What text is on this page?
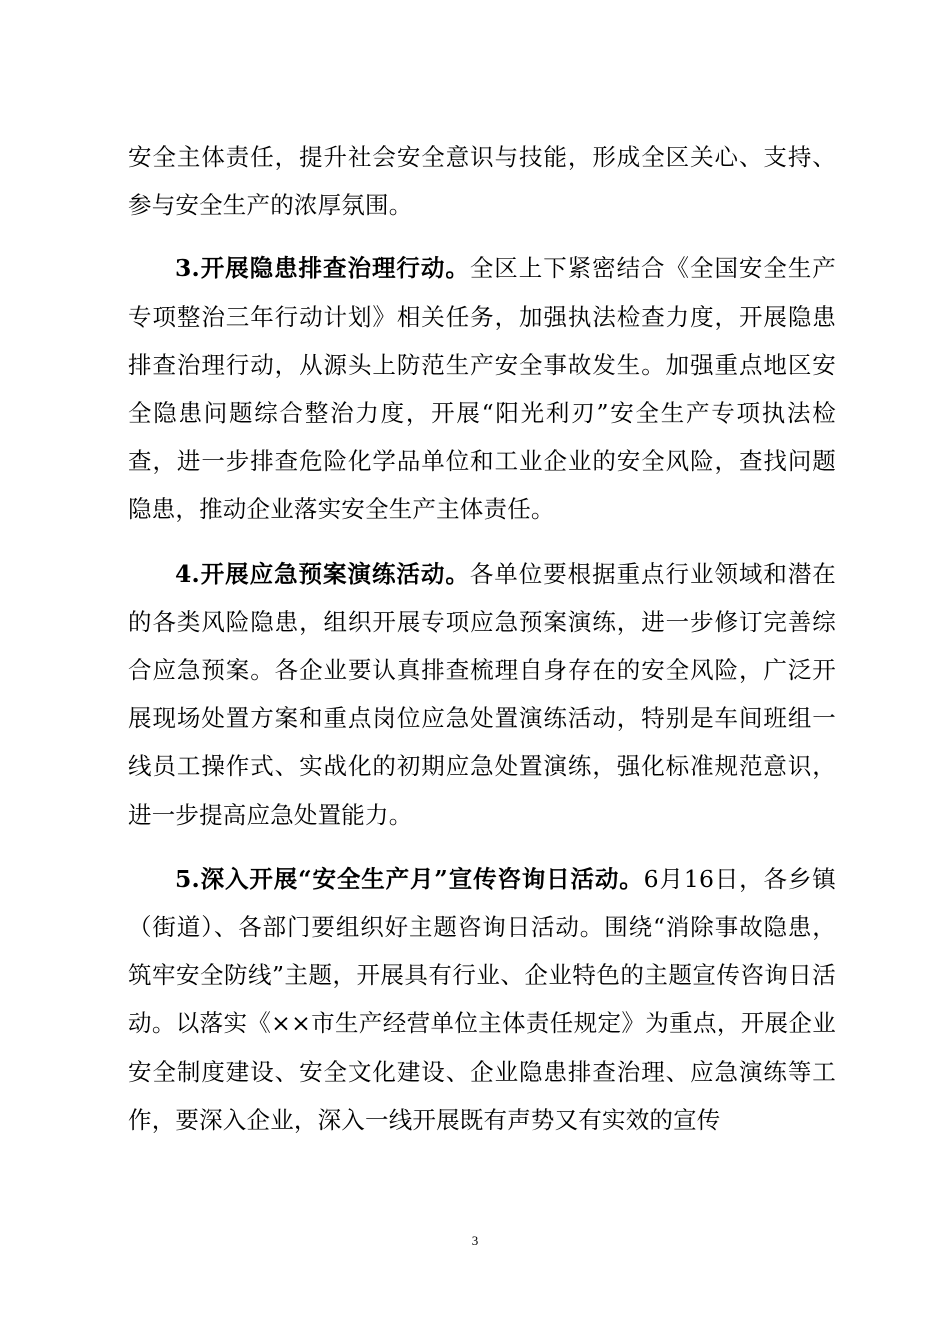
安全主体责任，提升社会安全意识与技能，形成全区关心、支持、参与安全生产的浓厚氛围。

3.开展隐患排查治理行动。全区上下紧密结合《全国安全生产专项整治三年行动计划》相关任务，加强执法检查力度，开展隐患排查治理行动，从源头上防范生产安全事故发生。加强重点地区安全隐患问题综合整治力度，开展“阳光利刃”安全生产专项执法检查，进一步排查危险化学品单位和工业企业的安全风险，查找问题隐患，推动企业落实安全生产主体责任。

4.开展应急预案演练活动。各单位要根据重点行业领域和潜在的各类风险隐患，组织开展专项应急预案演练，进一步修订完善综合应急预案。各企业要认真排查梳理自身存在的安全风险，广泛开展现场处置方案和重点岗位应急处置演练活动，特别是车间班组一线员工操作式、实战化的初期应急处置演练，强化标准规范意识，进一步提高应急处置能力。

5.深入开展“安全生产月”宣传咨询日活动。6月16日，各乡镇（街道）、各部门要组织好主题咨询日活动。围绕“消除事故隐患，筑牢安全防线”主题，开展具有行业、企业特色的主题宣传咨询日活动。以落实《××市生产经营单位主体责任规定》为重点，开展企业安全制度建设、安全文化建设、企业隐患排查治理、应急演练等工作，要深入企业，深入一线开展既有声势又有实效的宣传

3
